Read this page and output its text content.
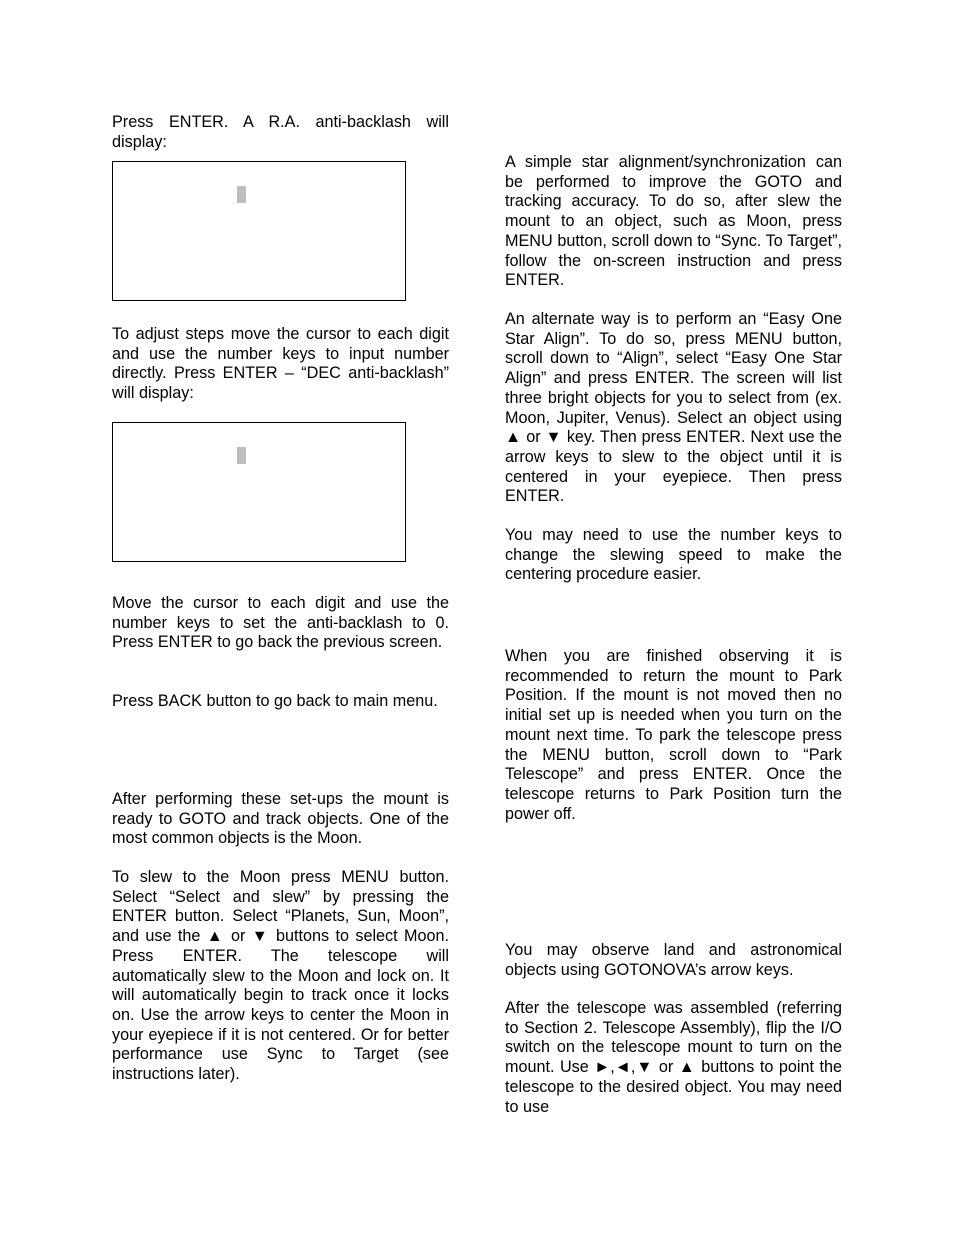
Press ENTER. A R.A. anti-backlash will display:

To adjust steps move the cursor to each digit and use the number keys to input number directly. Press ENTER – “DEC anti-backlash” will display:

Move the cursor to each digit and use the number keys to set the anti-backlash to 0. Press ENTER to go back the previous screen.

Press BACK button to go back to main menu.

After performing these set-ups the mount is ready to GOTO and track objects. One of the most common objects is the Moon.

To slew to the Moon press MENU button. Select “Select and slew” by pressing the ENTER button. Select “Planets, Sun, Moon”, and use the ▲ or ▼ buttons to select Moon. Press ENTER. The telescope will automatically slew to the Moon and lock on. It will automatically begin to track once it locks on. Use the arrow keys to center the Moon in your eyepiece if it is not centered. Or for better performance use Sync to Target (see instructions later).

A simple star alignment/synchronization can be performed to improve the GOTO and tracking accuracy. To do so, after slew the mount to an object, such as Moon, press MENU button, scroll down to “Sync. To Target”, follow the on-screen instruction and press ENTER.

An alternate way is to perform an “Easy One Star Align”. To do so, press MENU button, scroll down to “Align”, select “Easy One Star Align” and press ENTER. The screen will list three bright objects for you to select from (ex. Moon, Jupiter, Venus). Select an object using ▲ or ▼ key. Then press ENTER. Next use the arrow keys to slew to the object until it is centered in your eyepiece. Then press ENTER.

You may need to use the number keys to change the slewing speed to make the centering procedure easier.

When you are finished observing it is recommended to return the mount to Park Position. If the mount is not moved then no initial set up is needed when you turn on the mount next time. To park the telescope press the MENU button, scroll down to “Park Telescope” and press ENTER. Once the telescope returns to Park Position turn the power off.

You may observe land and astronomical objects using GOTONOVA’s arrow keys.

After the telescope was assembled (referring to Section 2. Telescope Assembly), flip the I/O switch on the telescope mount to turn on the mount. Use ►,◄,▼ or ▲ buttons to point the telescope to the desired object. You may need to use
